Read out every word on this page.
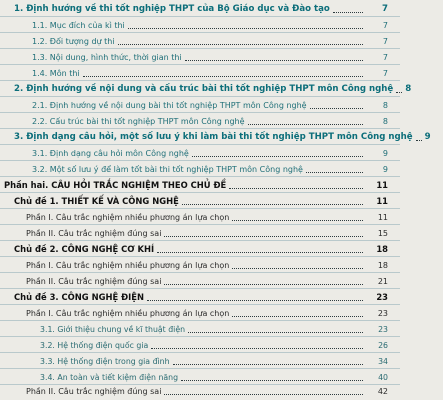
1. Định hướng về thi tốt nghiệp THPT của Bộ Giáo dục và Đào tạo	7
1.1. Mục đích của kì thi	7
1.2. Đối tượng dự thi	7
1.3. Nội dung, hình thức, thời gian thi	7
1.4. Môn thi	7
2. Định hướng về nội dung và cấu trúc bài thi tốt nghiệp THPT môn Công nghệ	8
2.1. Định hướng về nội dung bài thi tốt nghiệp THPT môn Công nghệ	8
2.2. Cấu trúc bài thi tốt nghiệp THPT môn Công nghệ	8
3. Định dạng câu hỏi, một số lưu ý khi làm bài thi tốt nghiệp THPT môn Công nghệ	9
3.1. Định dạng câu hỏi môn Công nghệ	9
3.2. Một số lưu ý để làm tốt bài thi tốt nghiệp THPT môn Công nghệ	9
Phần hai. CÂU HỎI TRẮC NGHIỆM THEO CHỦ ĐỀ	11
Chủ đề 1. THIẾT KẾ VÀ CÔNG NGHỆ	11
Phần I. Câu trắc nghiệm nhiều phương án lựa chọn	11
Phần II. Câu trắc nghiệm đúng sai	15
Chủ đề 2. CÔNG NGHỆ CƠ KHÍ	18
Phần I. Câu trắc nghiệm nhiều phương án lựa chọn	18
Phần II. Câu trắc nghiệm đúng sai	21
Chủ đề 3. CÔNG NGHỆ ĐIỆN	23
Phần I. Câu trắc nghiệm nhiều phương án lựa chọn	23
3.1. Giới thiệu chung về kĩ thuật điện	23
3.2. Hệ thống điện quốc gia	26
3.3. Hệ thống điện trong gia đình	34
3.4. An toàn và tiết kiệm điện năng	40
Phần II. Câu trắc nghiệm đúng sai	42
